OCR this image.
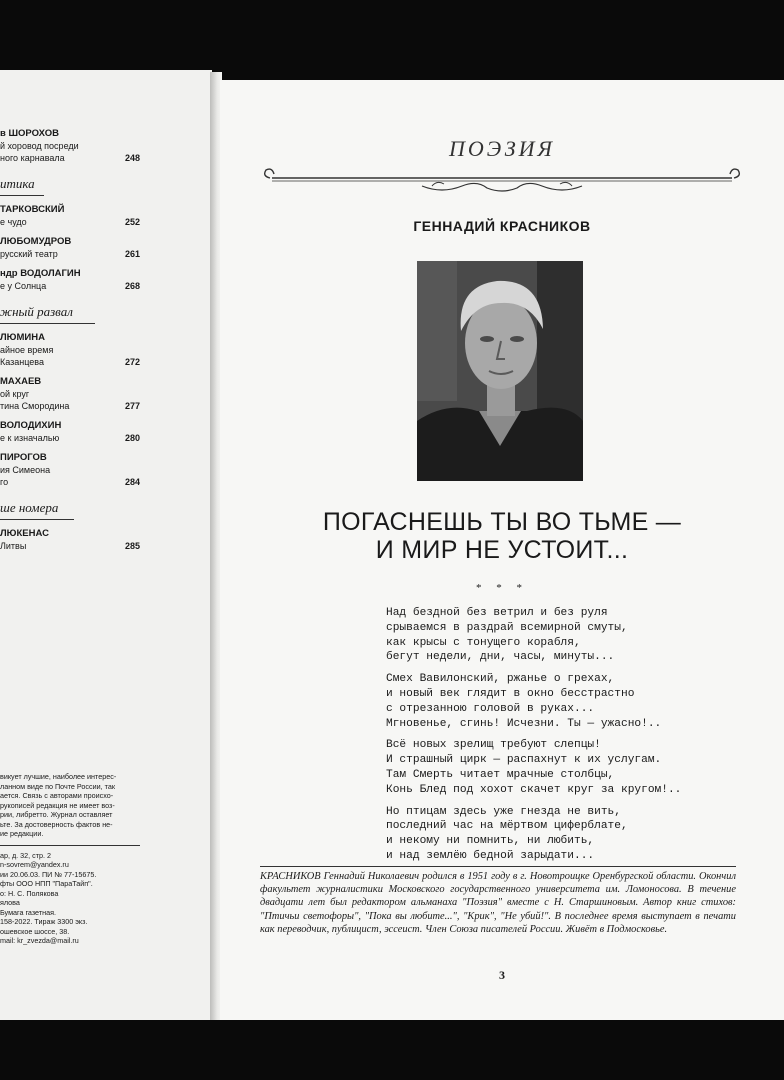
в ШОРОХОВ
й хоровод посреди
ного карнавала	248
итика
ТАРКОВСКИЙ
е чудо	252
ЛЮБОМУДРОВ
русский театр	261
ндр ВОДОЛАГИН
е у Солнца	268
жный развал
ЛЮМИНА
айное время
Казанцева	272
МАХАЕВ
ой круг
тина Смородина	277
ВОЛОДИХИН
е к изначалью	280
ПИРОГОВ
ия Симеона
го	284
ше номера
ЛЮКЕНАС
Литвы	285
викует лучшие, наиболее интерес-
ланном виде по Почте России, так
ается. Связь с авторами происхо-
рукописей редакция не имеет воз-
рии, либретто. Журнал оставляет
ьте. За достоверность фактов не-
ие редакции.
ар, д. 32, стр. 2
n-sovrem@yandex.ru
ии 20.06.03. ПИ № 77-15675.
фты ООО НПП "ПараТайп".
о: Н. С. Полякова
ялова
Бумага газетная.
158-2022. Тираж 3300 экз.
ошевское шоссе, 38.
mail: kr_zvezda@mail.ru
ПОЭЗИЯ
ГЕННАДИЙ КРАСНИКОВ
ПОГАСНЕШЬ ТЫ ВО ТЬМЕ —
И МИР НЕ УСТОИТ...
* * *
Над бездной без ветрил и без руля
срываемся в раздрай всемирной смуты,
как крысы с тонущего корабля,
бегут недели, дни, часы, минуты...
Смех Вавилонский, ржанье о грехах,
и новый век глядит в окно бесстрастно
с отрезанною головой в руках...
Мгновенье, сгинь! Исчезни. Ты — ужасно!..
Всё новых зрелищ требуют слепцы!
И страшный цирк — распахнут к их услугам.
Там Смерть читает мрачные столбцы,
Конь Блед под хохот скачет круг за кругом!..
Но птицам здесь уже гнезда не вить,
последний час на мёртвом циферблате,
и некому ни помнить, ни любить,
и над землёю бедной зарыдати...
КРАСНИКОВ Геннадий Николаевич родился в 1951 году в г. Новотроицке Оренбургской области. Окончил факультет журналистики Московского государственного университета им. Ломоносова. В течение двадцати лет был редактором альманаха "Поэзия" вместе с Н. Старшиновым. Автор книг стихов: "Птичьи светофоры", "Пока вы любите...", "Крик", "Не убий!". В последнее время выступает в печати как переводчик, публицист, эссеист. Член Союза писателей России. Живёт в Подмосковье.
3
